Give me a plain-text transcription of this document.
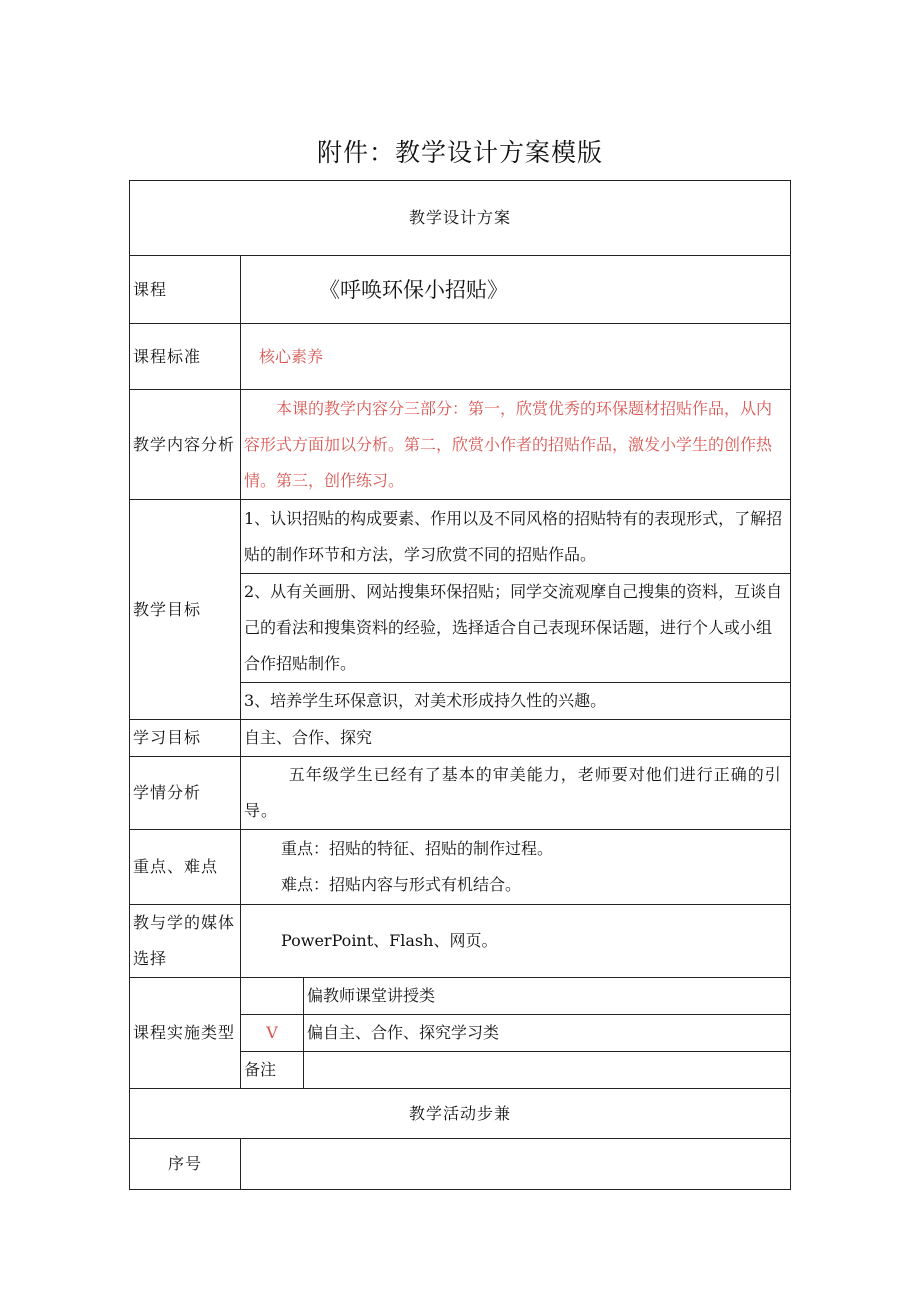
附件：教学设计方案模版
教学设计方案		
课程	《呼唤环保小招贴》	
课程标准	核心素养	
教学内容分析	本课的教学内容分三部分：第一，欣赏优秀的环保题材招贴作品，从内容形式方面加以分析。第二，欣赏小作者的招贴作品，激发小学生的创作热情。第三，创作练习。	
教学目标	1、认识招贴的构成要素、作用以及不同风格的招贴特有的表现形式，了解招贴的制作环节和方法，学习欣赏不同的招贴作品。	
	2、从有关画册、网站搜集环保招贴；同学交流观摩自己搜集的资料，互谈自己的看法和搜集资料的经验，选择适合自己表现环保话题，进行个人或小组合作招贴制作。	
	3、培养学生环保意识，对美术形成持久性的兴趣。	
学习目标	自主、合作、探究	
学情分析	五年级学生已经有了基本的审美能力，老师要对他们进行正确的引导。	
重点、难点	重点：招贴的特征、招贴的制作过程。
难点：招贴内容与形式有机结合。	

教与学的媒体选择	PowerPoint、Flash、网页。	
课程实施类型		偏教师课堂讲授类
	V	偏自主、合作、探究学习类
	备注	
教学活动步兼		
序号		
